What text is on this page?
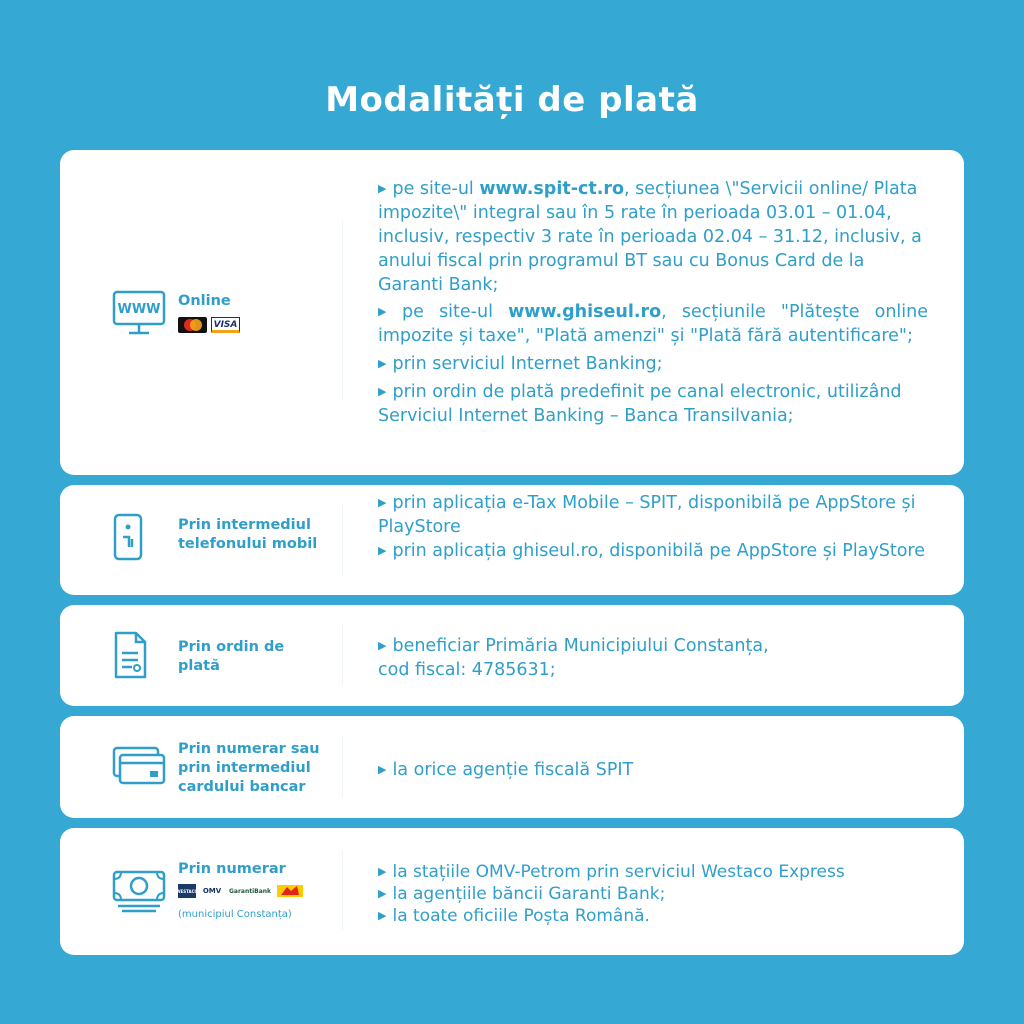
Modalități de plată
WWW
Online
VISA

▶ pe site-ul www.spit-ct.ro, secțiunea \"Servicii online/ Plata impozite\" integral sau în 5 rate în perioada 03.01 – 01.04, inclusiv, respectiv 3 rate în perioada 02.04 – 31.12, inclusiv, a anului fiscal prin programul BT sau cu Bonus Card de la Garanti Bank;

▶ pe site-ul www.ghiseul.ro, secțiunile "Plătește online impozite și taxe", "Plată amenzi" și "Plată fără autentificare";

▶ prin serviciul Internet Banking;

▶ prin ordin de plată predefinit pe canal electronic, utilizând Serviciul Internet Banking – Banca Transilvania;

Prin intermediul telefonului mobil

▶ prin aplicația e-Tax Mobile – SPIT, disponibilă pe AppStore și PlayStore

▶ prin aplicația ghiseul.ro, disponibilă pe AppStore și PlayStore

Prin ordin de plată

▶ beneficiar Primăria Municipiului Constanța,

cod fiscal: 4785631;

Prin numerar sau prin intermediul cardului bancar

▶ la orice agenție fiscală SPIT

Prin numerar
WESTACO OMV	GarantiBank
(municipiul Constanța)

▶ la stațiile OMV-Petrom prin serviciul Westaco Express

▶ la agențiile băncii Garanti Bank;

▶ la toate oficiile Poșta Română.
